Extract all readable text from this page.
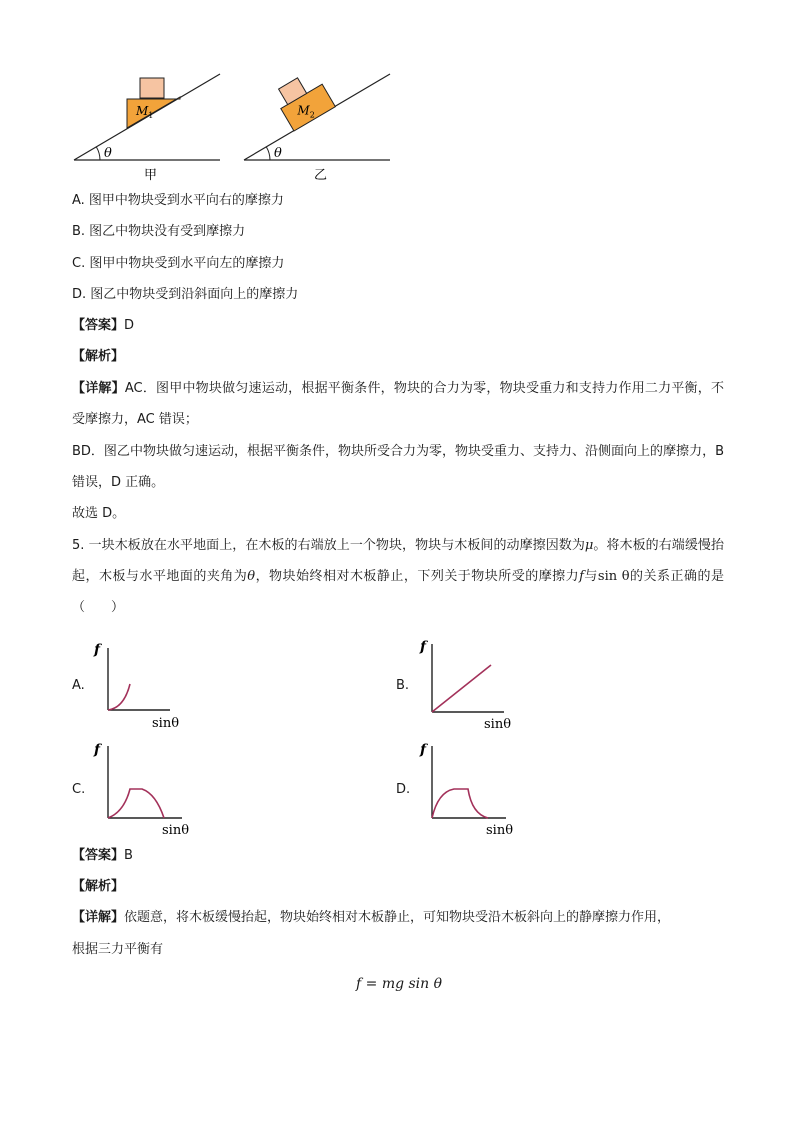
θ
$M_1$
甲
θ
$M_2$
乙
A. 图甲中物块受到水平向右的摩擦力
B. 图乙中物块没有受到摩擦力
C. 图甲中物块受到水平向左的摩擦力
D. 图乙中物块受到沿斜面向上的摩擦力
【答案】D
【解析】
【详解】AC．图甲中物块做匀速运动，根据平衡条件，物块的合力为零，物块受重力和支持力作用二力平衡，不受摩擦力，AC 错误；
BD．图乙中物块做匀速运动，根据平衡条件，物块所受合力为零，物块受重力、支持力、沿侧面向上的摩擦力，B 错误，D 正确。
故选 D。
5. 一块木板放在水平地面上，在木板的右端放上一个物块，物块与木板间的动摩擦因数为μ。将木板的右端缓慢抬起，木板与水平地面的夹角为θ，物块始终相对木板静止，下列关于物块所受的摩擦力f与sin θ的关系正确的是（　　）
A.
f
sinθ
B.
f
sinθ
C.
f
sinθ
D.
f
sinθ
【答案】B
【解析】
【详解】依题意，将木板缓慢抬起，物块始终相对木板静止，可知物块受沿木板斜向上的静摩擦力作用，
根据三力平衡有
f = mg sin θ
